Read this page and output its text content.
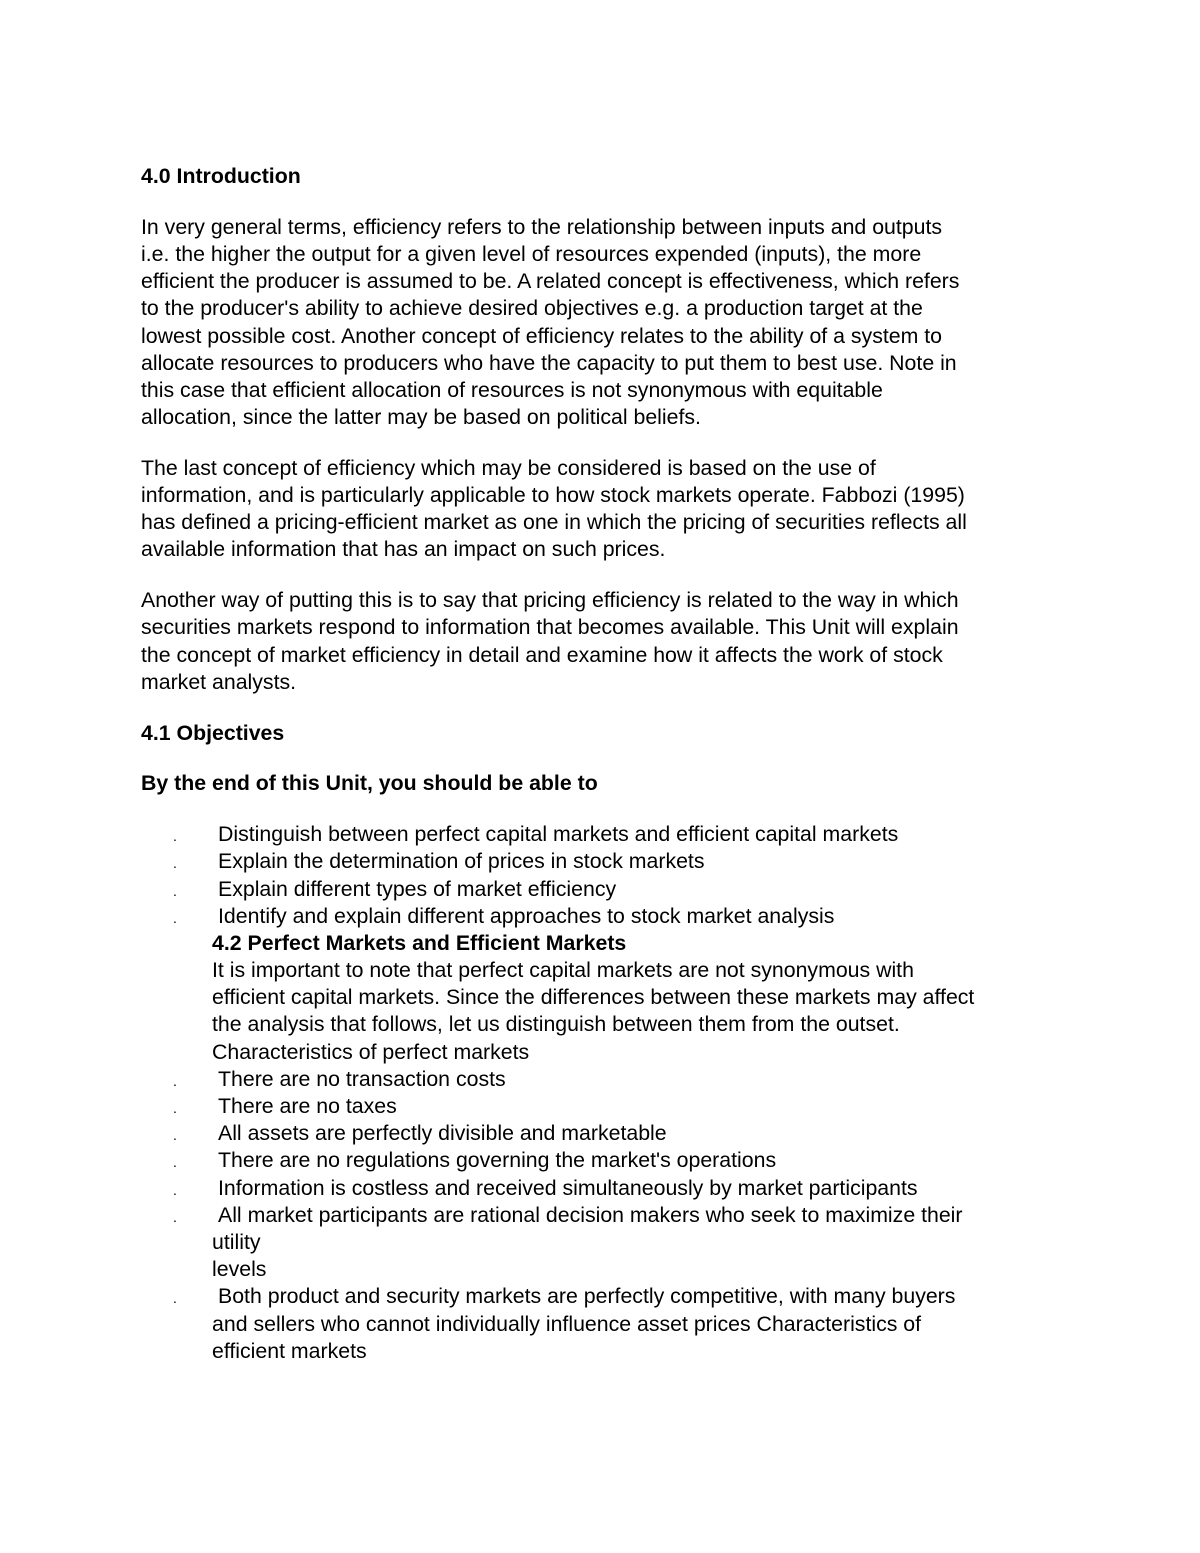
4.0 Introduction
In very general terms, efficiency refers to the relationship between inputs and outputs
i.e. the higher the output for a given level of resources expended (inputs), the more
efficient the producer is assumed to be. A related concept is effectiveness, which refers
to the producer's ability to achieve desired objectives e.g. a production target at the
lowest possible cost. Another concept of efficiency relates to the ability of a system to
allocate resources to producers who have the capacity to put them to best use. Note in
this case that efficient allocation of resources is not synonymous with equitable
allocation, since the latter may be based on political beliefs.
The last concept of efficiency which may be considered is based on the use of
information, and is particularly applicable to how stock markets operate. Fabbozi (1995)
has defined a pricing-efficient market as one in which the pricing of securities reflects all
available information that has an impact on such prices.
Another way of putting this is to say that pricing efficiency is related to the way in which
securities markets respond to information that becomes available. This Unit will explain
the concept of market efficiency in detail and examine how it affects the work of stock
market analysts.
4.1 Objectives
By the end of this Unit, you should be able to
. Distinguish between perfect capital markets and efficient capital markets
. Explain the determination of prices in stock markets
. Explain different types of market efficiency
. Identify and explain different approaches to stock market analysis
4.2 Perfect Markets and Efficient Markets
It is important to note that perfect capital markets are not synonymous with
efficient capital markets. Since the differences between these markets may affect
the analysis that follows, let us distinguish between them from the outset.
Characteristics of perfect markets
. There are no transaction costs
. There are no taxes
. All assets are perfectly divisible and marketable
. There are no regulations governing the market's operations
. Information is costless and received simultaneously by market participants
. All market participants are rational decision makers who seek to maximize their
utility
levels
. Both product and security markets are perfectly competitive, with many buyers
and sellers who cannot individually influence asset prices Characteristics of
efficient markets
